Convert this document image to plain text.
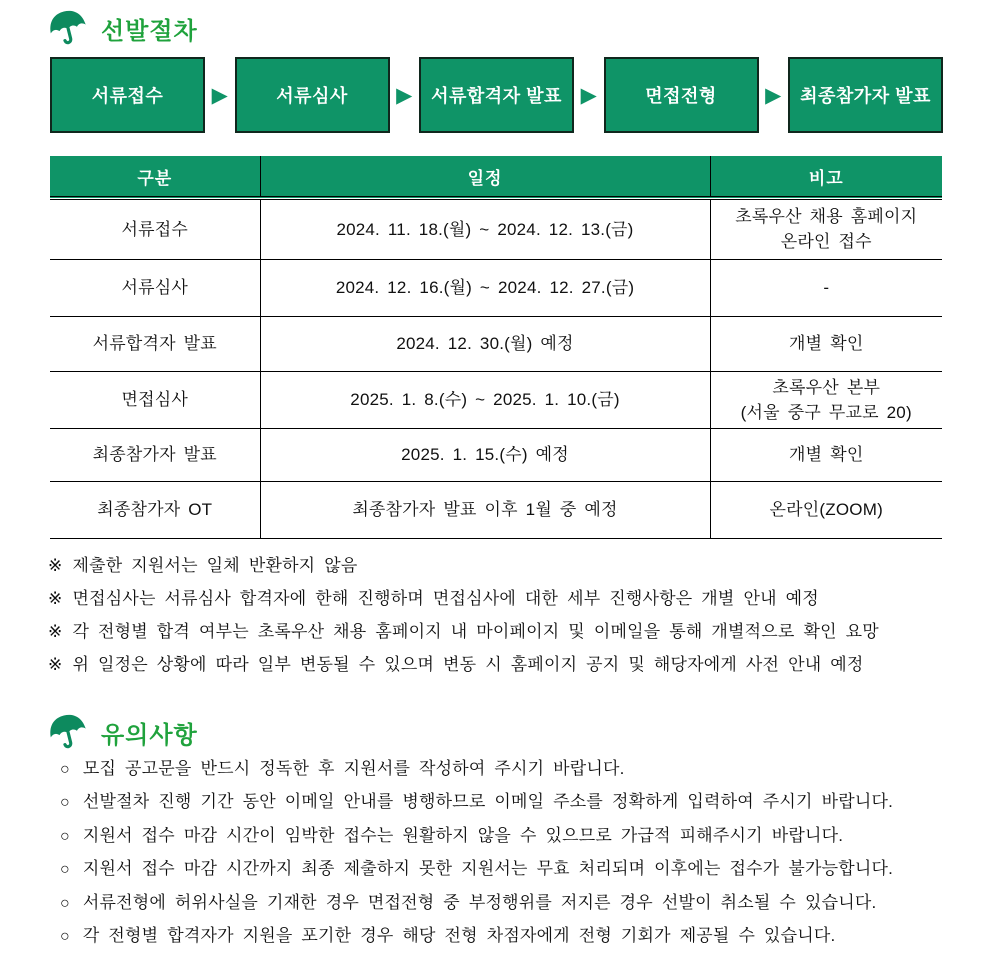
선발절차
서류접수 ▶	서류심사 ▶ 서류합격자 발표 ▶	면접전형 ▶ 최종참가자 발표
구분	일정	비고
서류접수	2024. 11. 18.(월) ~ 2024. 12. 13.(금)	초록우산 채용 홈페이지
온라인 접수

서류심사	2024. 12. 16.(월) ~ 2024. 12. 27.(금)	-

서류합격자 발표	2024. 12. 30.(월) 예정	개별 확인

면접심사	2025. 1. 8.(수) ~ 2025. 1. 10.(금)	초록우산 본부
(서울 중구 무교로 20)

최종참가자 발표	2025. 1. 15.(수) 예정	개별 확인

최종참가자 OT	최종참가자 발표 이후 1월 중 예정	온라인(ZOOM)
※ 제출한 지원서는 일체 반환하지 않음
※ 면접심사는 서류심사 합격자에 한해 진행하며 면접심사에 대한 세부 진행사항은 개별 안내 예정
※ 각 전형별 합격 여부는 초록우산 채용 홈페이지 내 마이페이지 및 이메일을 통해 개별적으로 확인 요망
※ 위 일정은 상황에 따라 일부 변동될 수 있으며 변동 시 홈페이지 공지 및 해당자에게 사전 안내 예정
유의사항
○ 모집 공고문을 반드시 정독한 후 지원서를 작성하여 주시기 바랍니다.
○ 선발절차 진행 기간 동안 이메일 안내를 병행하므로 이메일 주소를 정확하게 입력하여 주시기 바랍니다.
○ 지원서 접수 마감 시간이 임박한 접수는 원활하지 않을 수 있으므로 가급적 피해주시기 바랍니다.
○ 지원서 접수 마감 시간까지 최종 제출하지 못한 지원서는 무효 처리되며 이후에는 접수가 불가능합니다.
○ 서류전형에 허위사실을 기재한 경우 면접전형 중 부정행위를 저지른 경우 선발이 취소될 수 있습니다.
○ 각 전형별 합격자가 지원을 포기한 경우 해당 전형 차점자에게 전형 기회가 제공될 수 있습니다.
